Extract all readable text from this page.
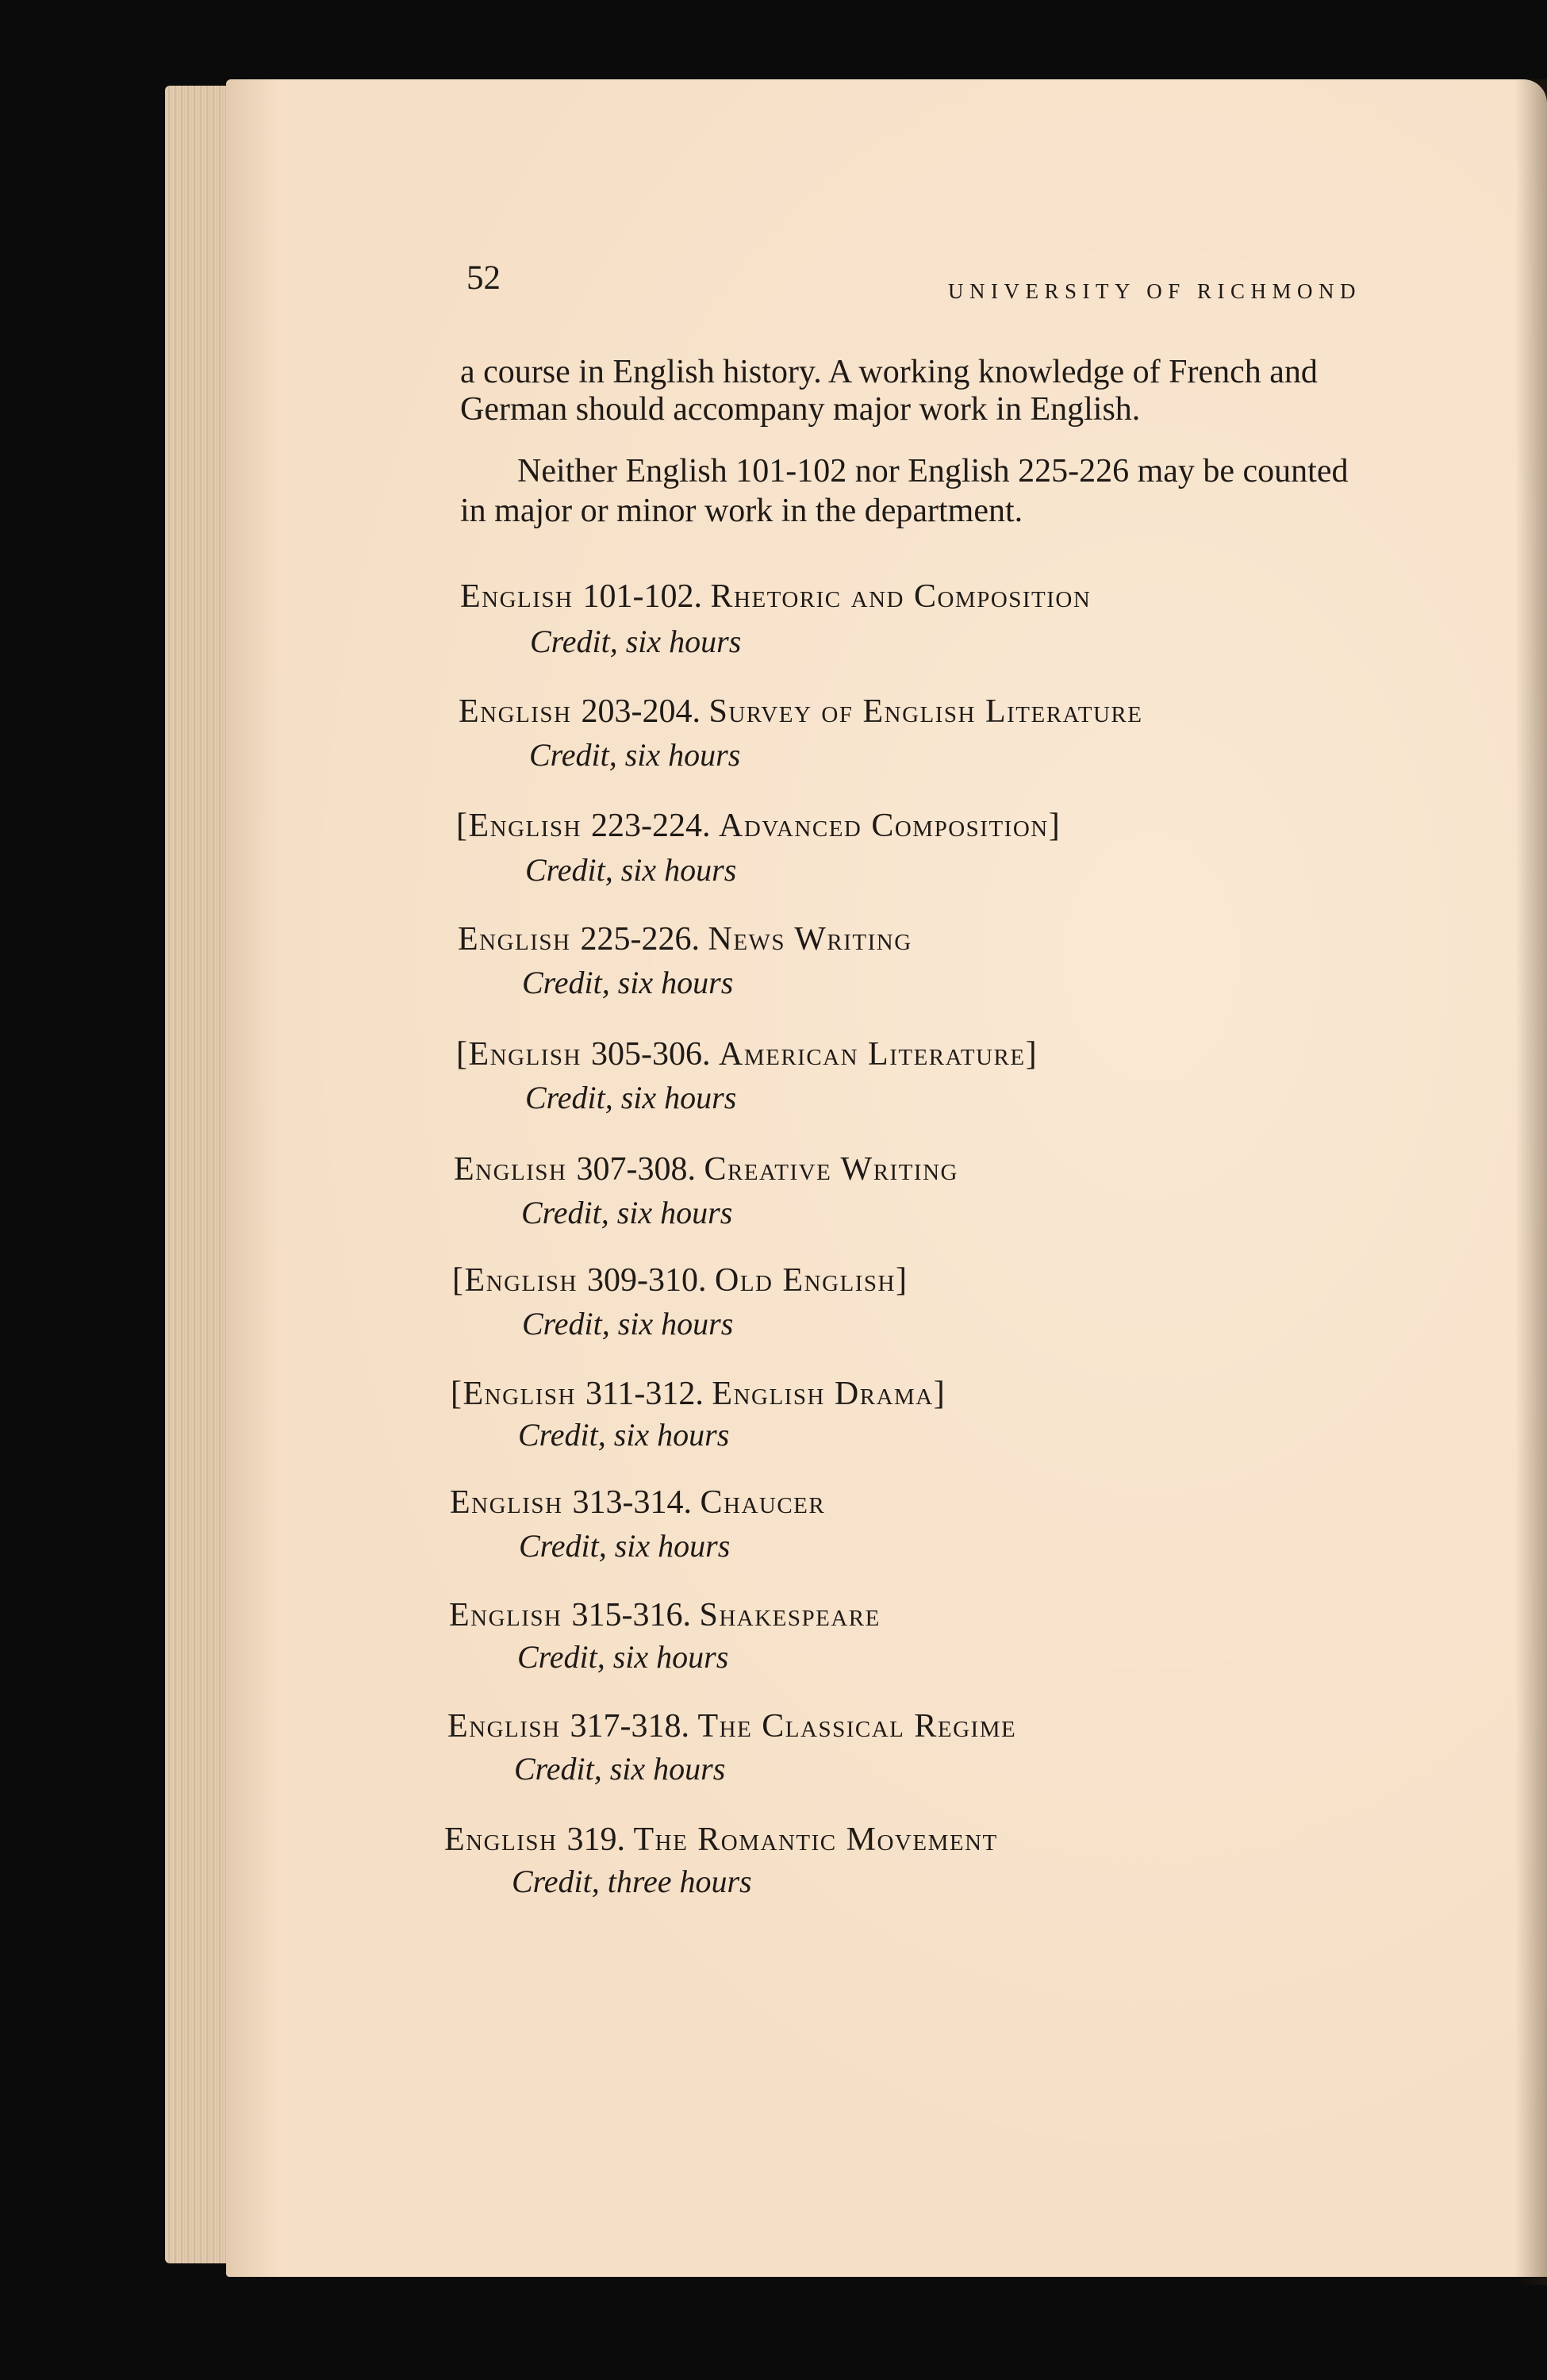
52	UNIVERSITY OF RICHMOND
a course in English history. A working knowledge of French and
German should accompany major work in English.
Neither English 101-102 nor English 225-226 may be counted
in major or minor work in the department.
English 101-102. Rhetoric and Composition
Credit, six hours
English 203-204. Survey of English Literature
Credit, six hours
[English 223-224. Advanced Composition]
Credit, six hours
English 225-226. News Writing
Credit, six hours
[English 305-306. American Literature]
Credit, six hours
English 307-308. Creative Writing
Credit, six hours
[English 309-310. Old English]
Credit, six hours
[English 311-312. English Drama]
Credit, six hours
English 313-314. Chaucer
Credit, six hours
English 315-316. Shakespeare
Credit, six hours
English 317-318. The Classical Regime
Credit, six hours
English 319. The Romantic Movement
Credit, three hours
